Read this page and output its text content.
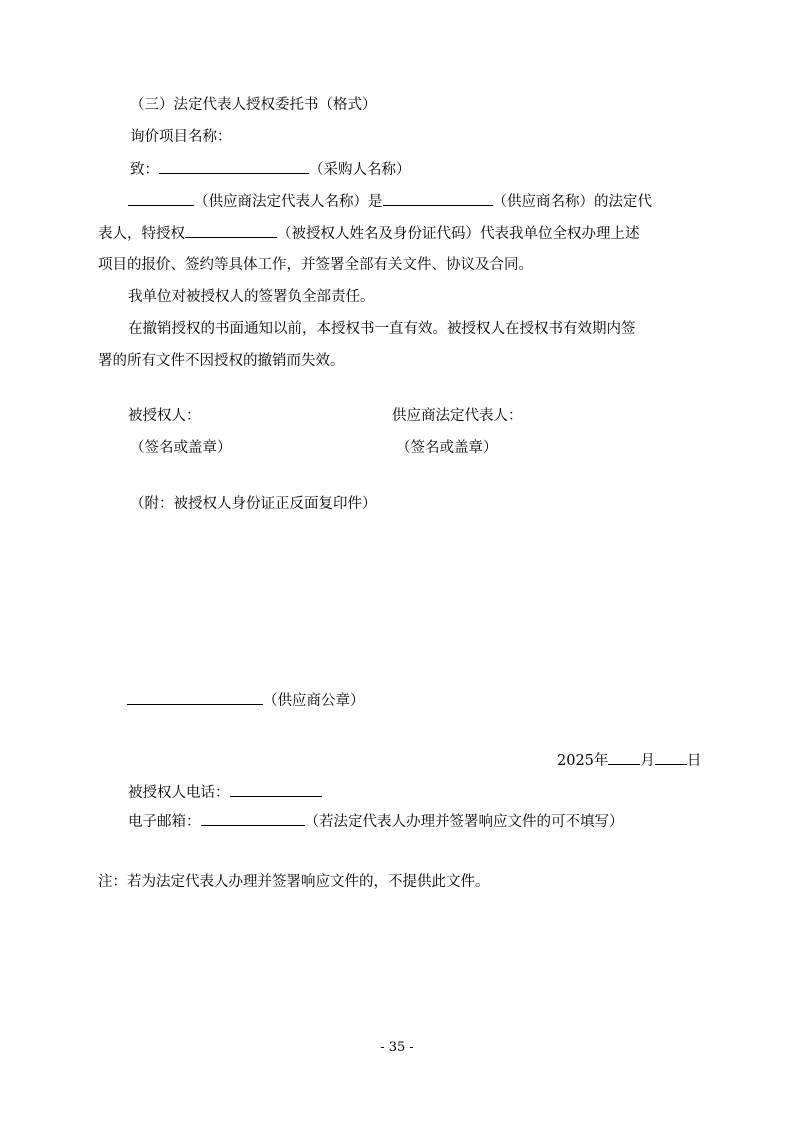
（三）法定代表人授权委托书（格式）
询价项目名称：
致：	（采购人名称）
（供应商法定代表人名称）是	（供应商名称）的法定代
表人，特授权	（被授权人姓名及身份证代码）代表我单位全权办理上述
项目的报价、签约等具体工作，并签署全部有关文件、协议及合同。
我单位对被授权人的签署负全部责任。
在撤销授权的书面通知以前，本授权书一直有效。被授权人在授权书有效期内签
署的所有文件不因授权的撤销而失效。
被授权人：
（签名或盖章）
供应商法定代表人：
（签名或盖章）
（附：被授权人身份证正反面复印件）
（供应商公章）
2025年 月 日
被授权人电话：
电子邮箱：	（若法定代表人办理并签署响应文件的可不填写）
注：若为法定代表人办理并签署响应文件的，不提供此文件。
- 35 -
